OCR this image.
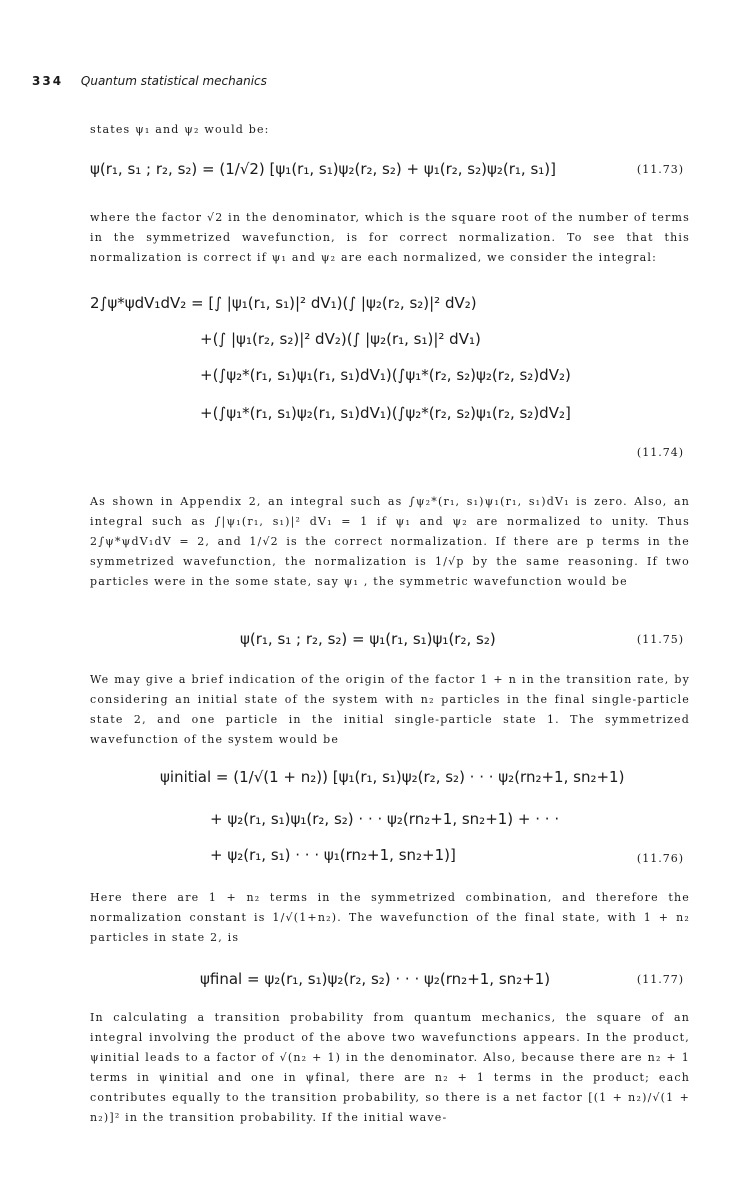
334 Quantum statistical mechanics
states ψ₁ and ψ₂ would be:
ψ(r₁, s₁ ; r₂, s₂) = (1/√2) [ψ₁(r₁, s₁)ψ₂(r₂, s₂) + ψ₁(r₂, s₂)ψ₂(r₁, s₁)]	(11.73)
where the factor √2 in the denominator, which is the square root of the number of terms in the symmetrized wavefunction, is for correct normalization. To see that this normalization is correct if ψ₁ and ψ₂ are each normalized, we consider the integral:
2∫ψ*ψdV₁dV₂ = [∫ |ψ₁(r₁, s₁)|² dV₁)(∫ |ψ₂(r₂, s₂)|² dV₂)
+(∫ |ψ₁(r₂, s₂)|² dV₂)(∫ |ψ₂(r₁, s₁)|² dV₁)
+(∫ψ₂*(r₁, s₁)ψ₁(r₁, s₁)dV₁)(∫ψ₁*(r₂, s₂)ψ₂(r₂, s₂)dV₂)
+(∫ψ₁*(r₁, s₁)ψ₂(r₁, s₁)dV₁)(∫ψ₂*(r₂, s₂)ψ₁(r₂, s₂)dV₂]
(11.74)
As shown in Appendix 2, an integral such as ∫ψ₂*(r₁, s₁)ψ₁(r₁, s₁)dV₁ is zero. Also, an integral such as ∫|ψ₁(r₁, s₁)|² dV₁ = 1 if ψ₁ and ψ₂ are normalized to unity. Thus 2∫ψ*ψdV₁dV = 2, and 1/√2 is the correct normalization. If there are p terms in the symmetrized wavefunction, the normalization is 1/√p by the same reasoning. If two particles were in the some state, say ψ₁ , the symmetric wavefunction would be
ψ(r₁, s₁ ; r₂, s₂) = ψ₁(r₁, s₁)ψ₁(r₂, s₂)	(11.75)
We may give a brief indication of the origin of the factor 1 + n in the transition rate, by considering an initial state of the system with n₂ particles in the final single-particle state 2, and one particle in the initial single-particle state 1. The symmetrized wavefunction of the system would be
ψinitial = (1/√(1 + n₂)) [ψ₁(r₁, s₁)ψ₂(r₂, s₂) · · · ψ₂(rn₂+1, sn₂+1)
+ ψ₂(r₁, s₁)ψ₁(r₂, s₂) · · · ψ₂(rn₂+1, sn₂+1) + · · ·
+ ψ₂(r₁, s₁) · · · ψ₁(rn₂+1, sn₂+1)]	(11.76)
Here there are 1 + n₂ terms in the symmetrized combination, and therefore the normalization constant is 1/√(1+n₂). The wavefunction of the final state, with 1 + n₂ particles in state 2, is
ψfinal = ψ₂(r₁, s₁)ψ₂(r₂, s₂) · · · ψ₂(rn₂+1, sn₂+1)	(11.77)
In calculating a transition probability from quantum mechanics, the square of an integral involving the product of the above two wavefunctions appears. In the product, ψinitial leads to a factor of √(n₂ + 1) in the denominator. Also, because there are n₂ + 1 terms in ψinitial and one in ψfinal, there are n₂ + 1 terms in the product; each contributes equally to the transition probability, so there is a net factor [(1 + n₂)/√(1 + n₂)]² in the transition probability. If the initial wave-
